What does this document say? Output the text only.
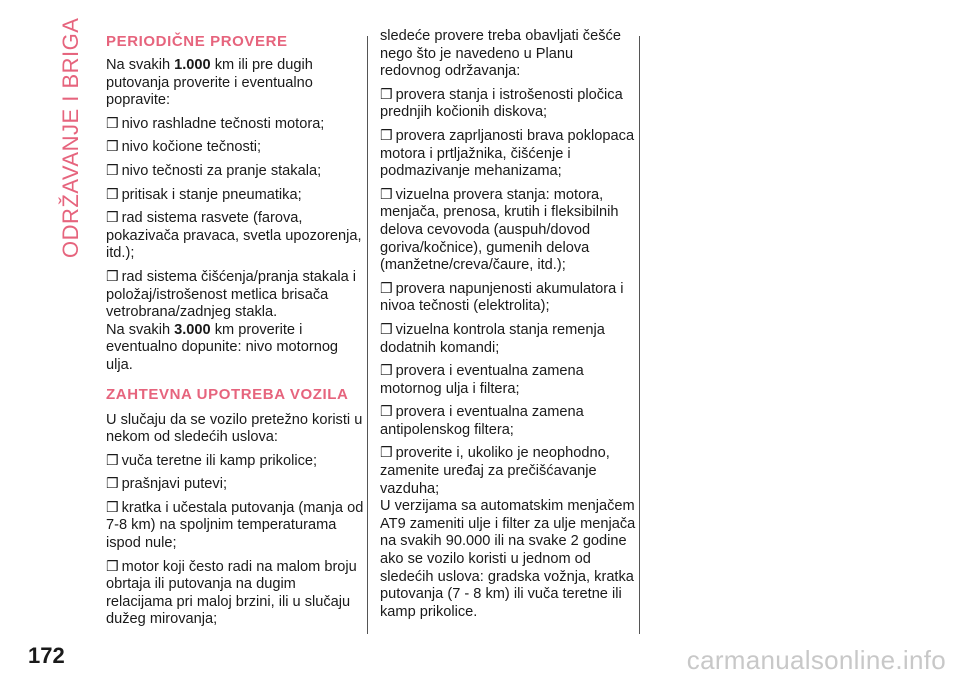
ODRŽAVANJE I BRIGA PERIODIČNE PROVERE

Na svakih 1.000 km ili pre dugih putovanja proverite i eventualno popravite:

❒ nivo rashladne tečnosti motora;

❒ nivo kočione tečnosti;

❒ nivo tečnosti za pranje stakala;

❒ pritisak i stanje pneumatika;

❒ rad sistema rasvete (farova, pokazivača pravaca, svetla upozorenja, itd.);

❒ rad sistema čišćenja/pranja stakala i položaj/istrošenost metlica brisača vetrobrana/zadnjeg stakla.

Na svakih 3.000 km proverite i eventualno dopunite: nivo motornog ulja.

ZAHTEVNA UPOTREBA VOZILA

U slučaju da se vozilo pretežno koristi u nekom od sledećih uslova:

❒ vuča teretne ili kamp prikolice;

❒ prašnjavi putevi;

❒ kratka i učestala putovanja (manja od 7-8 km) na spoljnim temperaturama ispod nule;

❒ motor koji često radi na malom broju obrtaja ili putovanja na dugim relacijama pri maloj brzini, ili u slučaju dužeg mirovanja;

sledeće provere treba obavljati češće nego što je navedeno u Planu redovnog održavanja:

❒ provera stanja i istrošenosti pločica prednjih kočionih diskova;

❒ provera zaprljanosti brava poklopaca motora i prtljažnika, čišćenje i podmazivanje mehanizama;

❒ vizuelna provera stanja: motora, menjača, prenosa, krutih i fleksibilnih delova cevovoda (auspuh/dovod goriva/kočnice), gumenih delova (manžetne/creva/čaure, itd.);

❒ provera napunjenosti akumulatora i nivoa tečnosti (elektrolita);

❒ vizuelna kontrola stanja remenja dodatnih komandi;

❒ provera i eventualna zamena motornog ulja i filtera;

❒ provera i eventualna zamena antipolenskog filtera;

❒ proverite i, ukoliko je neophodno, zamenite uređaj za prečišćavanje vazduha;

U verzijama sa automatskim menjačem AT9 zameniti ulje i filter za ulje menjača na svakih 90.000 ili na svake 2 godine ako se vozilo koristi u jednom od sledećih uslova: gradska vožnja, kratka putovanja (7 - 8 km) ili vuča teretne ili kamp prikolice.

172	carmanualsonline.info
